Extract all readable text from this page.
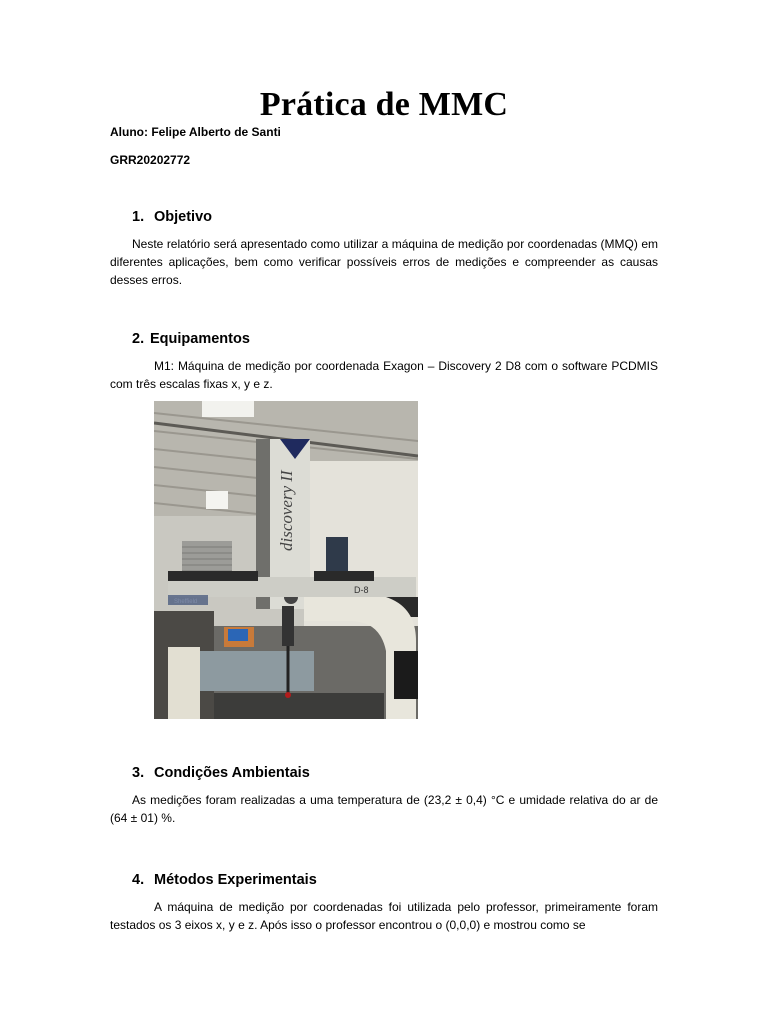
Prática de MMC
Aluno: Felipe Alberto de Santi
GRR20202772
1. Objetivo
Neste relatório será apresentado como utilizar a máquina de medição por coordenadas (MMQ) em diferentes aplicações, bem como verificar possíveis erros de medições e compreender as causas desses erros.
2. Equipamentos
M1: Máquina de medição por coordenada Exagon – Discovery 2 D8 com o software PCDMIS com três escalas fixas x, y e z.
discovery II
D-8
3. Condições Ambientais
As medições foram realizadas a uma temperatura de (23,2 ± 0,4) °C e umidade relativa do ar de (64 ± 01) %.
4. Métodos Experimentais
A máquina de medição por coordenadas foi utilizada pelo professor, primeiramente foram testados os 3 eixos x, y e z. Após isso o professor encontrou o (0,0,0) e mostrou como se
